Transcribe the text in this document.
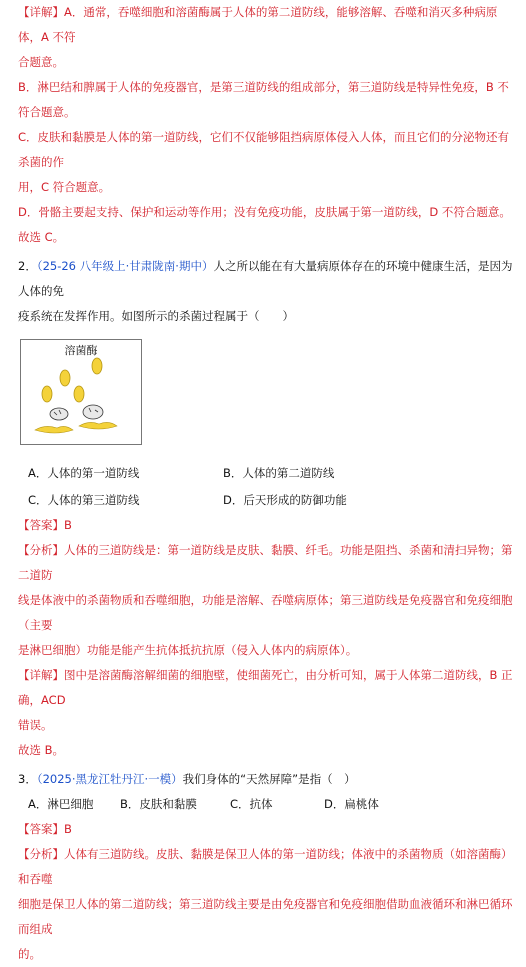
【详解】A．通常，吞噬细胞和溶菌酶属于人体的第二道防线，能够溶解、吞噬和消灭多种病原体，A 不符

合题意。

B．淋巴结和脾属于人体的免疫器官，是第三道防线的组成部分，第三道防线是特异性免疫，B 不符合题意。

C．皮肤和黏膜是人体的第一道防线，它们不仅能够阻挡病原体侵入人体，而且它们的分泌物还有杀菌的作

用，C 符合题意。

D．骨骼主要起支持、保护和运动等作用；没有免疫功能，皮肤属于第一道防线，D 不符合题意。

故选 C。

2．（25-26 八年级上·甘肃陇南·期中）人之所以能在有大量病原体存在的环境中健康生活，是因为人体的免

疫系统在发挥作用。如图所示的杀菌过程属于（　　）

溶菌酶
A．人体的第一道防线	B．人体的第二道防线
C．人体的第三道防线	D．后天形成的防御功能

【答案】B

【分析】人体的三道防线是：第一道防线是皮肤、黏膜、纤毛。功能是阻挡、杀菌和清扫异物；第二道防

线是体液中的杀菌物质和吞噬细胞，功能是溶解、吞噬病原体；第三道防线是免疫器官和免疫细胞（主要

是淋巴细胞）功能是能产生抗体抵抗抗原（侵入人体内的病原体）。

【详解】图中是溶菌酶溶解细菌的细胞壁，使细菌死亡，由分析可知，属于人体第二道防线，B 正确，ACD

错误。

故选 B。

3．（2025·黑龙江牡丹江·一模）我们身体的“天然屏障”是指（　）

A．淋巴细胞	B．皮肤和黏膜	C．抗体	D．扁桃体

【答案】B

【分析】人体有三道防线。皮肤、黏膜是保卫人体的第一道防线；体液中的杀菌物质（如溶菌酶）和吞噬

细胞是保卫人体的第二道防线；第三道防线主要是由免疫器官和免疫细胞借助血液循环和淋巴循环而组成

的。
